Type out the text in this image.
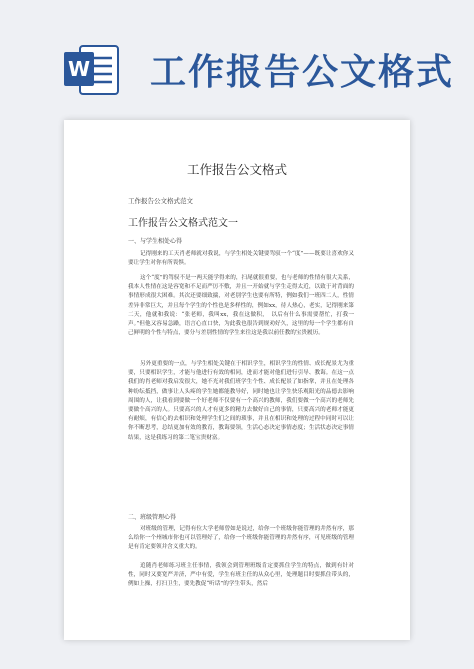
W 工作报告公文格式
工作报告公文格式
工作报告公文格式范文
工作报告公文格式范文一
一、与学生相处心得
记得刚来的工天肖老师就对我说，与学生相处关键要驾驭一个“度”——既要让喜欢你又要让学生对你有所畏惧。
这个“度”的驾驭不是一两天能学得来的，扫尾就很重要，也与老师的性情有很大关系，我本人性情在这是容宽和不足而严厉不敷，并且一开始就与学生走得太近，以致于对背面的事情形成很大困难。其次还要细致揣，对老别学生也要有所特，例如我们一班四二人，性情差异非常巨大，并且每个学生的个性也是多样性的，例如xx，待人热心，老实，记得刚来第二天，他就和我说：“张老师，我叫xx，我在这做积，　以后有什么事需要帮忙，打我一声。”但他又容易急躁，语言心直口快，为此我也很告到规劝好久，这里的每一个学生都有自己鲜明的个性与特点，要分与差别性情的学生来往这是我以前任教的宝贵履历。
另外更重要的一点，与学生相处关键在于相识学生，相识学生的性情、成长配景尤为重要，只要相识学生，才能与他进行有效的相同，进而才能对他们进行引导、教诲。在这一点我们的肖老师对我启发很大，她不光对我们班学生个性、成长配景了如指掌，并且在处理各种纷纭抵挡，做事让人头疼的学生她都能教导好，同时她也让学生快乐观阳光的品德去影响周围的人，让我看到要做一个好老师不仅要有一个高兴的教师，我们要做一个高兴的老师先要做个高兴的人。只要高兴的人才有更多的精力去做好自己的事情，只要高兴的老师才能更有耐烦，有信心的去相识和处理学生们之间的琐事，并且在相识和处理的过程中同时可以让你不断思考，总结更加有效的教育，教诲要领，生活心态决定事情态度；生活状态决定事情结果，这是我练习的第二笔宝贵财富。
二、班级管理心得
对班级的管理，记得有位大学老师曾如是说过，给你一个班级你能管理的井然有序，那么给你一个州城市你也可以管理好了，给你一个班级你能管理的井然有序，可见班级的管理是有肯定要领并含义重大的。
追随肖老师练习班主任事情，我领会到管理班级肯定要抓住学生的特点，做到有针对性，同时又要宽严并济，严中有爱，学生有班主任的从众心里，处理题目时要抓住带头的，例如上操，打扫卫生，要先教促“听话”的学生带头，然后
